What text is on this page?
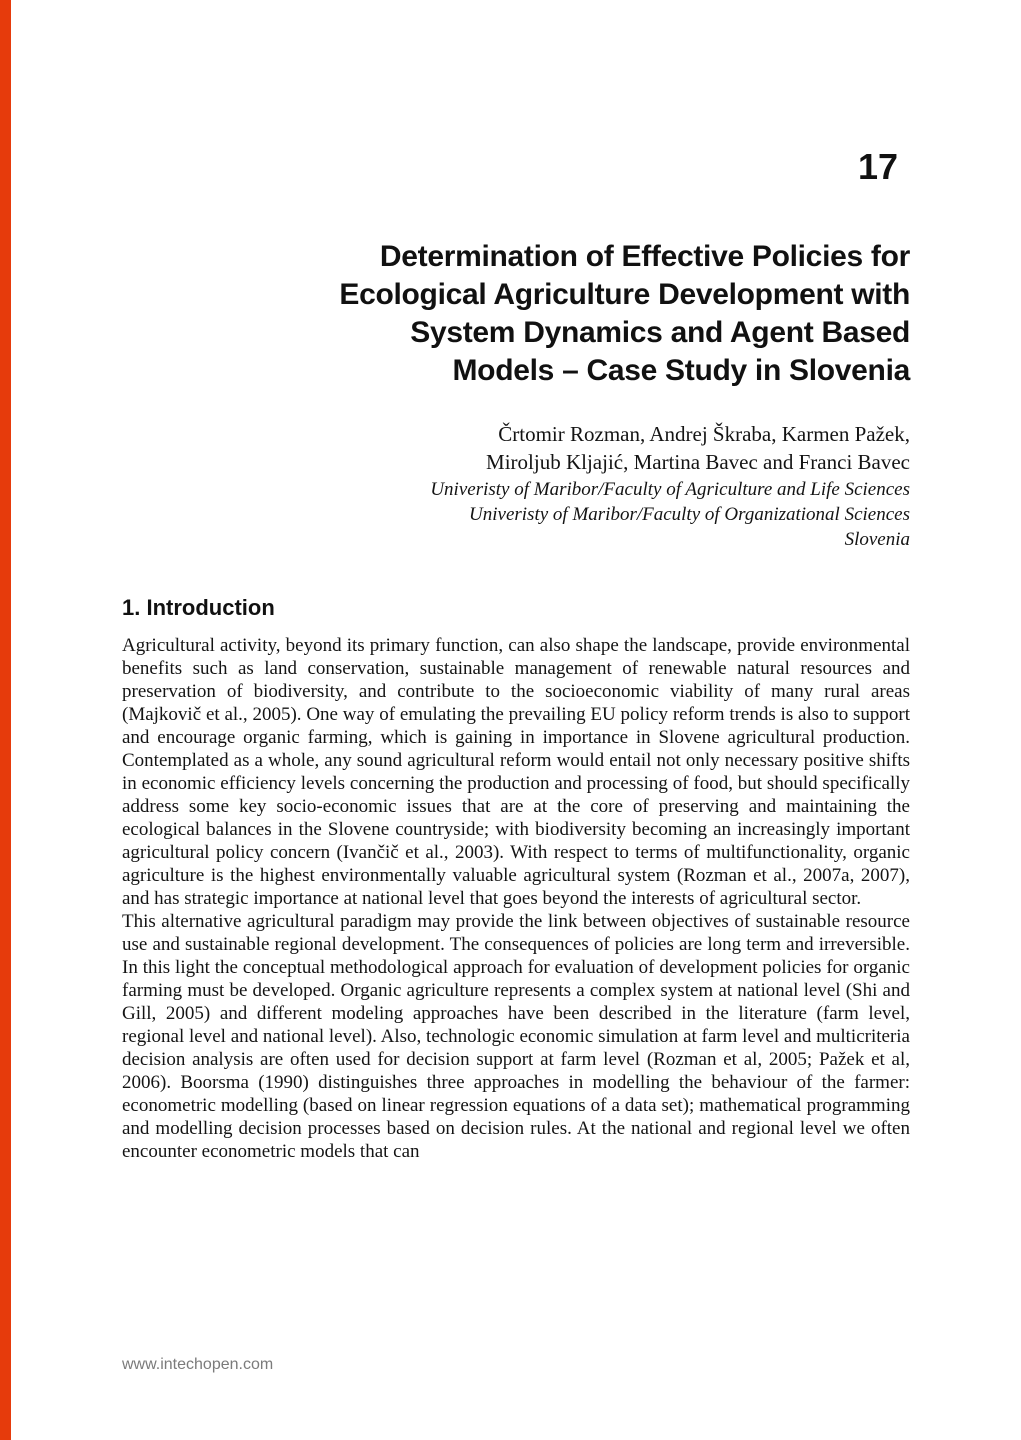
17
Determination of Effective Policies for
Ecological Agriculture Development with
System Dynamics and Agent Based
Models – Case Study in Slovenia
Črtomir Rozman, Andrej Škraba, Karmen Pažek,
Miroljub Kljajić, Martina Bavec and Franci Bavec
Univeristy of Maribor/Faculty of Agriculture and Life Sciences
Univeristy of Maribor/Faculty of Organizational Sciences
Slovenia
1. Introduction

Agricultural activity, beyond its primary function, can also shape the landscape, provide environmental benefits such as land conservation, sustainable management of renewable natural resources and preservation of biodiversity, and contribute to the socioeconomic viability of many rural areas (Majkovič et al., 2005). One way of emulating the prevailing EU policy reform trends is also to support and encourage organic farming, which is gaining in importance in Slovene agricultural production. Contemplated as a whole, any sound agricultural reform would entail not only necessary positive shifts in economic efficiency levels concerning the production and processing of food, but should specifically address some key socio-economic issues that are at the core of preserving and maintaining the ecological balances in the Slovene countryside; with biodiversity becoming an increasingly important agricultural policy concern (Ivančič et al., 2003). With respect to terms of multifunctionality, organic agriculture is the highest environmentally valuable agricultural system (Rozman et al., 2007a, 2007), and has strategic importance at national level that goes beyond the interests of agricultural sector.

This alternative agricultural paradigm may provide the link between objectives of sustainable resource use and sustainable regional development. The consequences of policies are long term and irreversible. In this light the conceptual methodological approach for evaluation of development policies for organic farming must be developed. Organic agriculture represents a complex system at national level (Shi and Gill, 2005) and different modeling approaches have been described in the literature (farm level, regional level and national level). Also, technologic economic simulation at farm level and multicriteria decision analysis are often used for decision support at farm level (Rozman et al, 2005; Pažek et al, 2006). Boorsma (1990) distinguishes three approaches in modelling the behaviour of the farmer: econometric modelling (based on linear regression equations of a data set); mathematical programming and modelling decision processes based on decision rules. At the national and regional level we often encounter econometric models that can

www.intechopen.com
